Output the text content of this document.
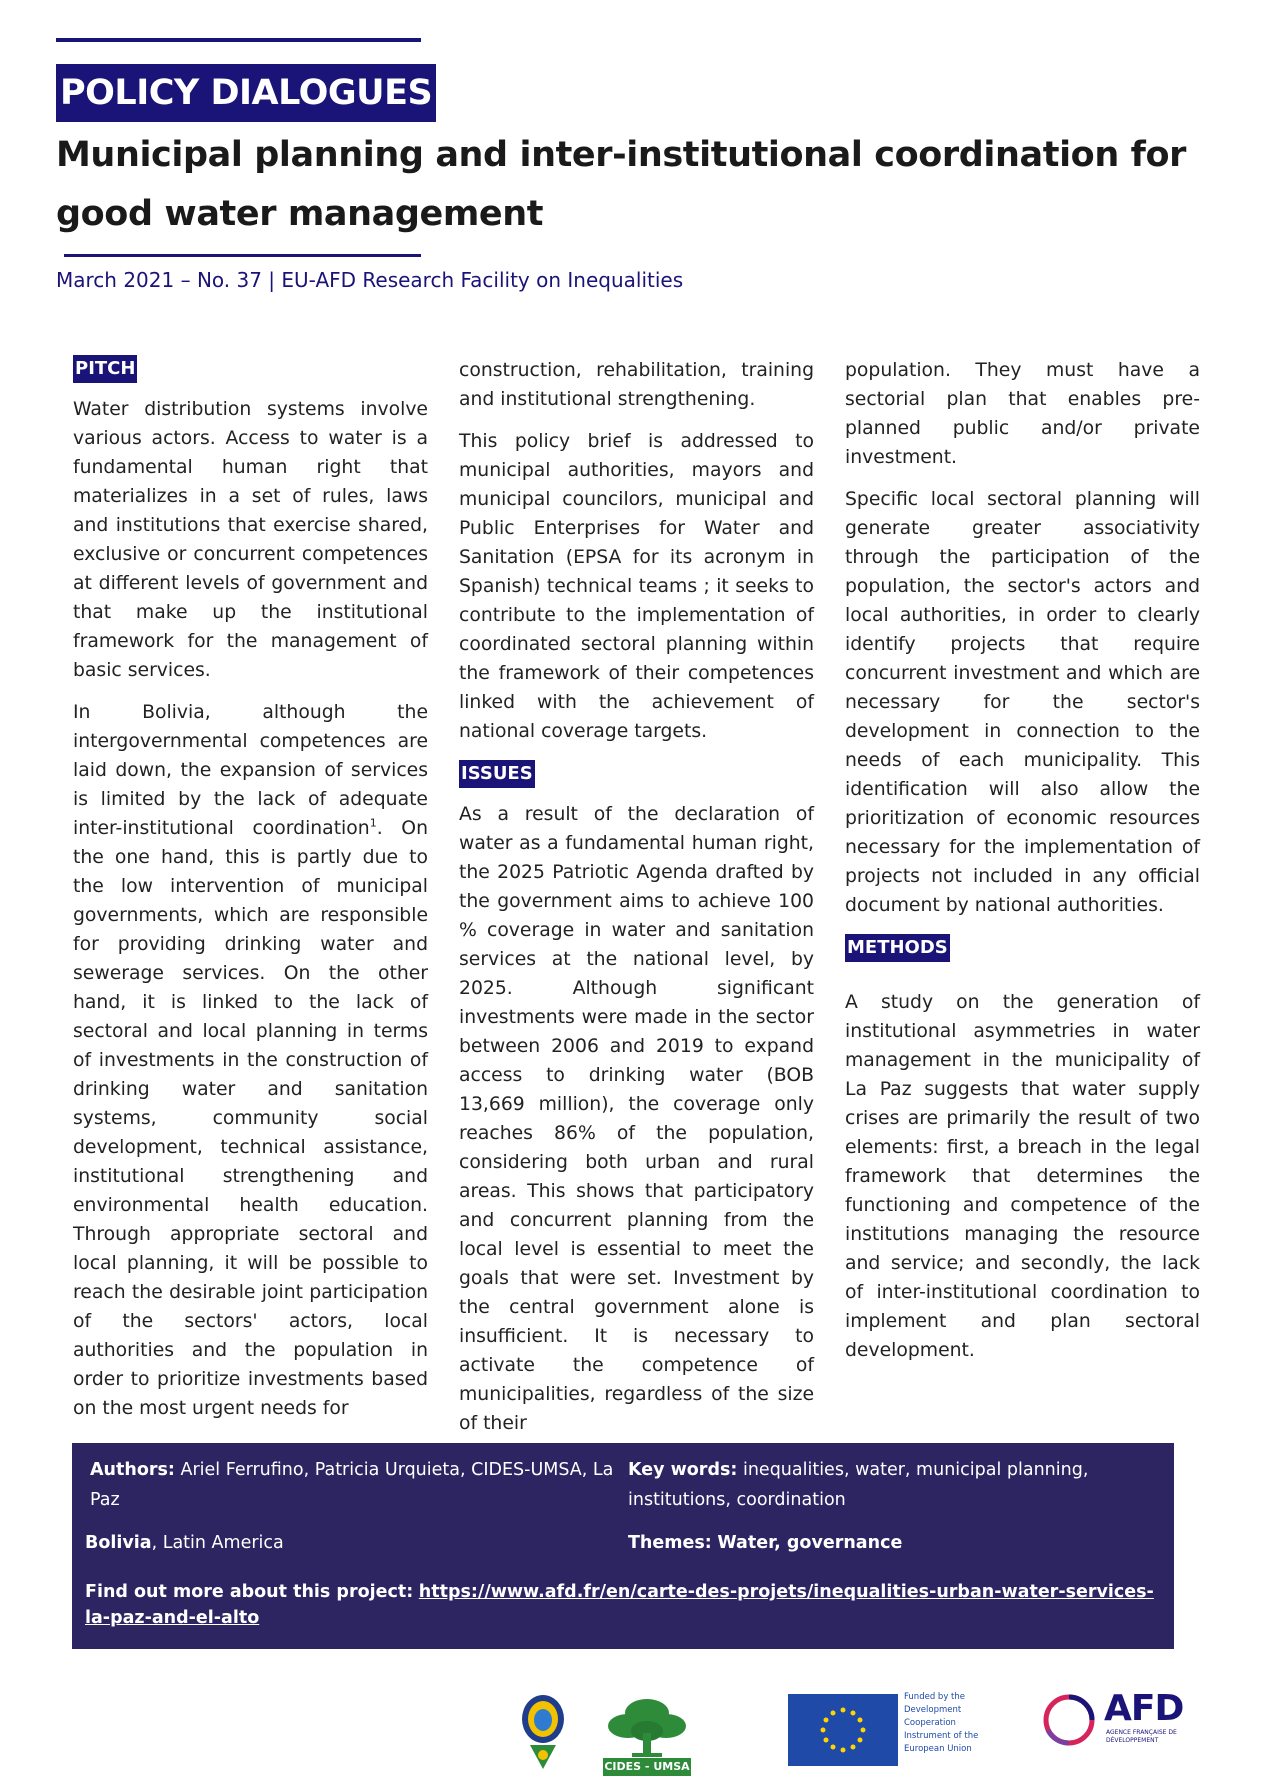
POLICY DIALOGUES
Municipal planning and inter-institutional coordination for good water management
March 2021 – No. 37 | EU-AFD Research Facility on Inequalities
PITCH

Water distribution systems involve various actors. Access to water is a fundamental human right that materializes in a set of rules, laws and institutions that exercise shared, exclusive or concurrent competences at different levels of government and that make up the institutional framework for the management of basic services.

In Bolivia, although the intergovernmental competences are laid down, the expansion of services is limited by the lack of adequate inter-institutional coordination$^1$. On the one hand, this is partly due to the low intervention of municipal governments, which are responsible for providing drinking water and sewerage services. On the other hand, it is linked to the lack of sectoral and local planning in terms of investments in the construction of drinking water and sanitation systems, community social development, technical assistance, institutional strengthening and environmental health education. Through appropriate sectoral and local planning, it will be possible to reach the desirable joint participation of the sectors' actors, local authorities and the population in order to prioritize investments based on the most urgent needs for

construction, rehabilitation, training and institutional strengthening.

This policy brief is addressed to municipal authorities, mayors and municipal councilors, municipal and Public Enterprises for Water and Sanitation (EPSA for its acronym in Spanish) technical teams ; it seeks to contribute to the implementation of coordinated sectoral planning within the framework of their competences linked with the achievement of national coverage targets.

ISSUES

As a result of the declaration of water as a fundamental human right, the 2025 Patriotic Agenda drafted by the government aims to achieve 100 % coverage in water and sanitation services at the national level, by 2025. Although significant investments were made in the sector between 2006 and 2019 to expand access to drinking water (BOB 13,669 million), the coverage only reaches 86% of the population, considering both urban and rural areas. This shows that participatory and concurrent planning from the local level is essential to meet the goals that were set. Investment by the central government alone is insufficient. It is necessary to activate the competence of municipalities, regardless of the size of their

population. They must have a sectorial plan that enables pre-planned public and/or private investment.

Specific local sectoral planning will generate greater associativity through the participation of the population, the sector's actors and local authorities, in order to clearly identify projects that require concurrent investment and which are necessary for the sector's development in connection to the needs of each municipality. This identification will also allow the prioritization of economic resources necessary for the implementation of projects not included in any official document by national authorities.

METHODS

A study on the generation of institutional asymmetries in water management in the municipality of La Paz suggests that water supply crises are primarily the result of two elements: first, a breach in the legal framework that determines the functioning and competence of the institutions managing the resource and service; and secondly, the lack of inter-institutional coordination to implement and plan sectoral development.

Authors: Ariel Ferrufino, Patricia Urquieta, CIDES-UMSA, La Paz
Key words: inequalities, water, municipal planning, institutions, coordination
Bolivia, Latin America	Themes: Water, governance
Find out more about this project: https://www.afd.fr/en/carte-des-projets/inequalities-urban-water-services-la-paz-and-el-alto
CIDES - UMSA
Funded by the Development Cooperation Instrument of the European Union
AFD
AGENCE FRANÇAISE DE DÉVELOPPEMENT
